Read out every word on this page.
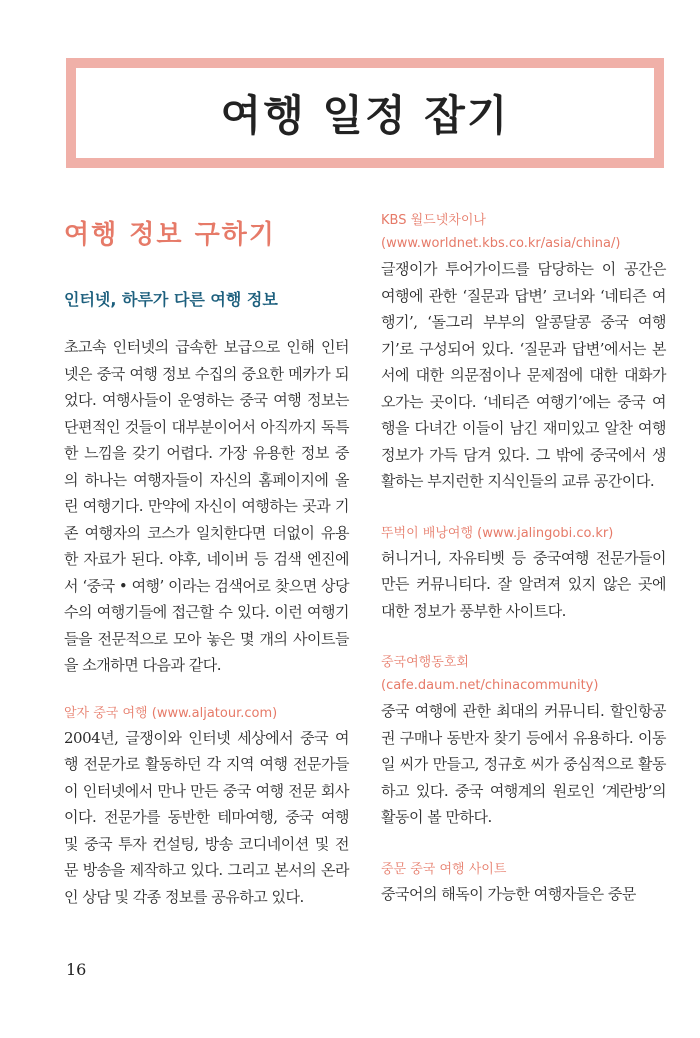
여행 일정 잡기
여행 정보 구하기
인터넷, 하루가 다른 여행 정보

초고속 인터넷의 급속한 보급으로 인해 인터넷은 중국 여행 정보 수집의 중요한 메카가 되었다. 여행사들이 운영하는 중국 여행 정보는 단편적인 것들이 대부분이어서 아직까지 독특한 느낌을 갖기 어렵다. 가장 유용한 정보 중의 하나는 여행자들이 자신의 홈페이지에 올린 여행기다. 만약에 자신이 여행하는 곳과 기존 여행자의 코스가 일치한다면 더없이 유용한 자료가 된다. 야후, 네이버 등 검색 엔진에서 ‘중국 • 여행’ 이라는 검색어로 찾으면 상당수의 여행기들에 접근할 수 있다. 이런 여행기들을 전문적으로 모아 놓은 몇 개의 사이트들을 소개하면 다음과 같다.

알자 중국 여행 (www.aljatour.com)

2004년, 글쟁이와 인터넷 세상에서 중국 여행 전문가로 활동하던 각 지역 여행 전문가들이 인터넷에서 만나 만든 중국 여행 전문 회사이다. 전문가를 동반한 테마여행, 중국 여행 및 중국 투자 컨설팅, 방송 코디네이션 및 전문 방송을 제작하고 있다. 그리고 본서의 온라인 상담 및 각종 정보를 공유하고 있다.

KBS 월드넷차이나

(www.worldnet.kbs.co.kr/asia/china/)

글쟁이가 투어가이드를 담당하는 이 공간은 여행에 관한 ‘질문과 답변’ 코너와 ‘네티즌 여행기’, ‘돌그리 부부의 알콩달콩 중국 여행기’로 구성되어 있다. ‘질문과 답변’에서는 본서에 대한 의문점이나 문제점에 대한 대화가 오가는 곳이다. ‘네티즌 여행기’에는 중국 여행을 다녀간 이들이 남긴 재미있고 알찬 여행 정보가 가득 담겨 있다. 그 밖에 중국에서 생활하는 부지런한 지식인들의 교류 공간이다.

뚜벅이 배낭여행 (www.jalingobi.co.kr)

허니거니, 자유티벳 등 중국여행 전문가들이 만든 커뮤니티다. 잘 알려져 있지 않은 곳에 대한 정보가 풍부한 사이트다.

중국여행동호회

(cafe.daum.net/chinacommunity)

중국 여행에 관한 최대의 커뮤니티. 할인항공권 구매나 동반자 찾기 등에서 유용하다. 이동일 씨가 만들고, 정규호 씨가 중심적으로 활동하고 있다. 중국 여행계의 원로인 ‘계란방’의 활동이 볼 만하다.

중문 중국 여행 사이트

중국어의 해독이 가능한 여행자들은 중문

16
